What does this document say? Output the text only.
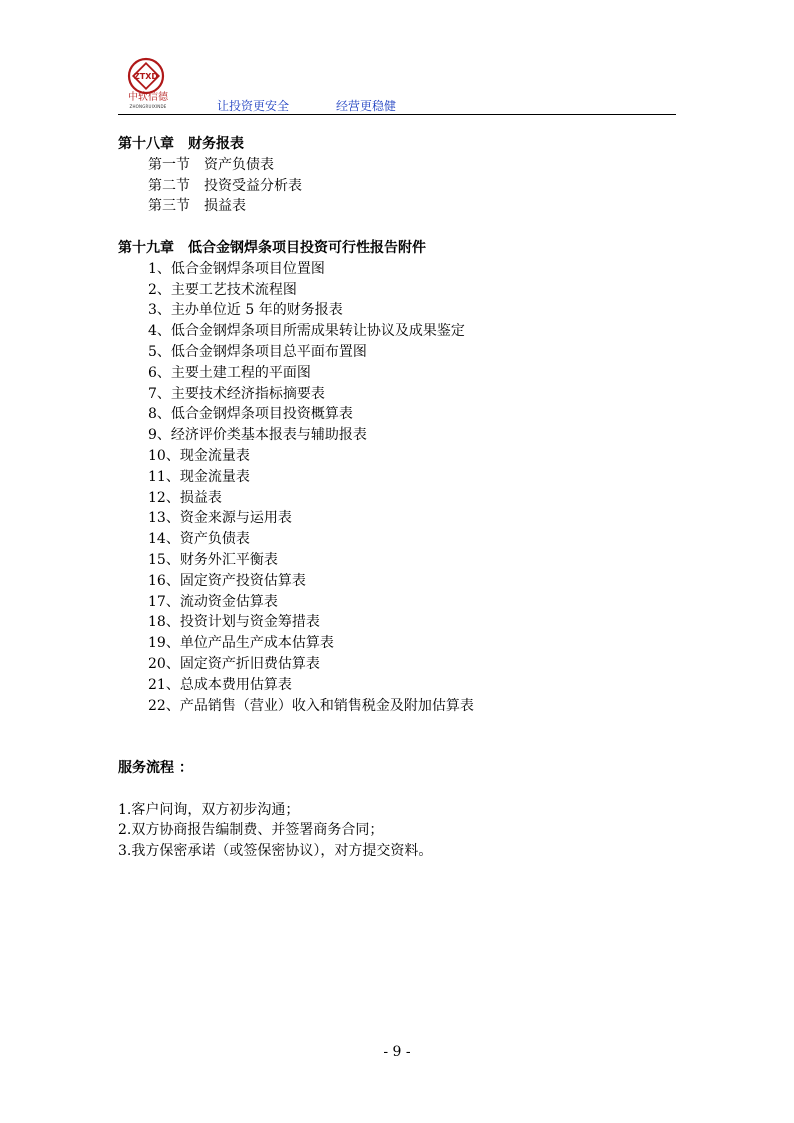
ZTXD
中软信德
ZHONGRUIXINDE	让投资更安全	经营更稳健
第十八章　财务报表
第一节　资产负债表
第二节　投资受益分析表
第三节　损益表
第十九章　低合金钢焊条项目投资可行性报告附件
1、低合金钢焊条项目位置图
2、主要工艺技术流程图
3、主办单位近 5 年的财务报表
4、低合金钢焊条项目所需成果转让协议及成果鉴定
5、低合金钢焊条项目总平面布置图
6、主要土建工程的平面图
7、主要技术经济指标摘要表
8、低合金钢焊条项目投资概算表
9、经济评价类基本报表与辅助报表
10、现金流量表
11、现金流量表
12、损益表
13、资金来源与运用表
14、资产负债表
15、财务外汇平衡表
16、固定资产投资估算表
17、流动资金估算表
18、投资计划与资金筹措表
19、单位产品生产成本估算表
20、固定资产折旧费估算表
21、总成本费用估算表
22、产品销售（营业）收入和销售税金及附加估算表
服务流程 ：
1.客户问询，双方初步沟通；
2.双方协商报告编制费、并签署商务合同；
3.我方保密承诺（或签保密协议），对方提交资料。
- 9 -
